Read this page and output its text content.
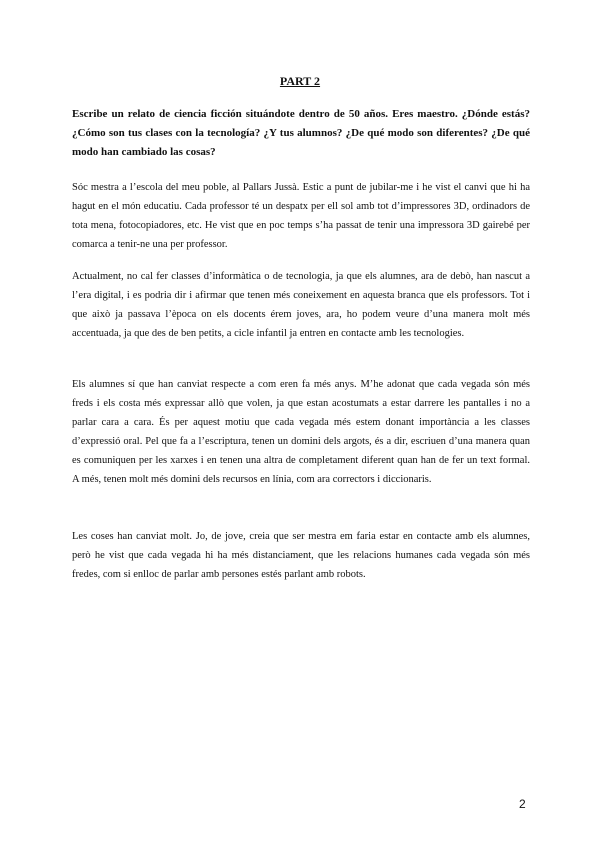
PART 2
Escribe un relato de ciencia ficción situándote dentro de 50 años. Eres maestro. ¿Dónde estás? ¿Cómo son tus clases con la tecnología? ¿Y tus alumnos? ¿De qué modo son diferentes? ¿De qué modo han cambiado las cosas?

Sóc mestra a l’escola del meu poble, al Pallars Jussà. Estic a punt de jubilar-me i he vist el canvi que hi ha hagut en el món educatiu. Cada professor té un despatx per ell sol amb tot d’impressores 3D, ordinadors de tota mena, fotocopiadores, etc. He vist que en poc temps s’ha passat de tenir una impressora 3D gairebé per comarca a tenir-ne una per professor.

Actualment, no cal fer classes d’informàtica o de tecnologia, ja que els alumnes, ara de debò, han nascut a l’era digital, i es podria dir i afirmar que tenen més coneixement en aquesta branca que els professors. Tot i que això ja passava l’època on els docents érem joves, ara, ho podem veure d’una manera molt més accentuada, ja que des de ben petits, a cicle infantil ja entren en contacte amb les tecnologies.

Els alumnes sí que han canviat respecte a com eren fa més anys. M’he adonat que cada vegada són més freds i els costa més expressar allò que volen, ja que estan acostumats a estar darrere les pantalles i no a parlar cara a cara. És per aquest motiu que cada vegada més estem donant importància a les classes d’expressió oral. Pel que fa a l’escriptura, tenen un domini dels argots, és a dir, escriuen d’una manera quan es comuniquen per les xarxes i en tenen una altra de completament diferent quan han de fer un text formal. A més, tenen molt més domini dels recursos en línia, com ara correctors i diccionaris.

Les coses han canviat molt. Jo, de jove, creia que ser mestra em faria estar en contacte amb els alumnes, però he vist que cada vegada hi ha més distanciament, que les relacions humanes cada vegada són més fredes, com si enlloc de parlar amb persones estés parlant amb robots.

2
